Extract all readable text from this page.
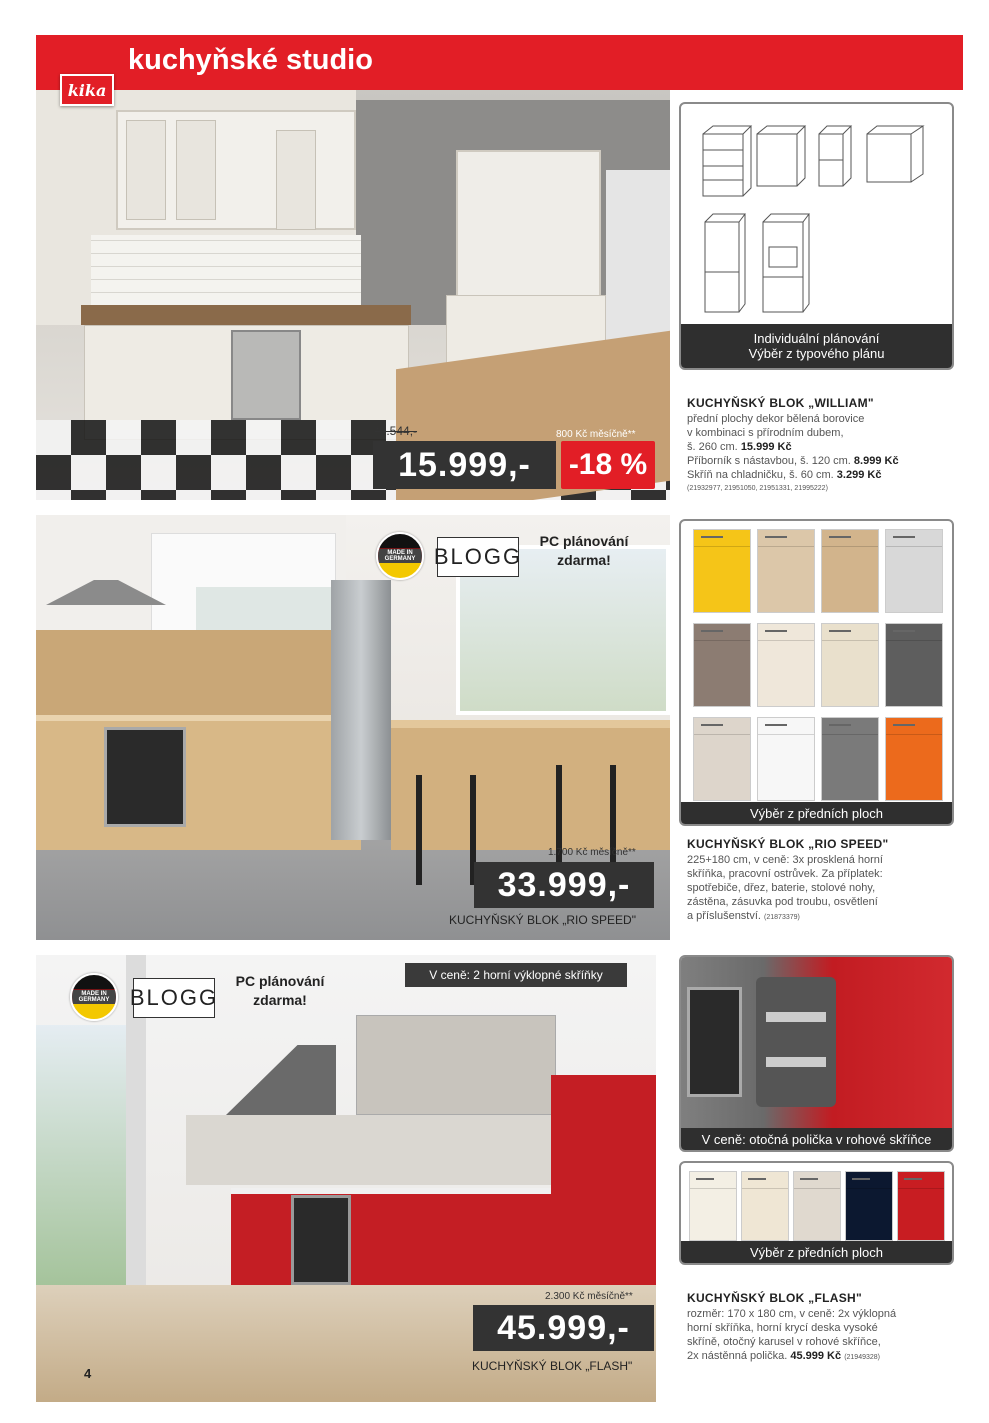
kika
kuchyňské studio
*9.544,-	800 Kč měsíčně**
15.999,-	-18 %
Individuální plánování
Výběr z typového plánu
KUCHYŇSKÝ BLOK „WILLIAM"
přední plochy dekor bělená borovice
v kombinaci s přírodním dubem,
š. 260 cm. 15.999 Kč
Příborník s nástavbou, š. 120 cm. 8.999 Kč
Skříň na chladničku, š. 60 cm. 3.299 Kč
(21932977, 21951050, 21951331, 21995222)
MADE IN GERMANY BLOGG
PC plánování
zdarma!
1.700 Kč měsíčně**
33.999,-
KUCHYŇSKÝ BLOK „RIO SPEED"
Výběr z předních ploch
KUCHYŇSKÝ BLOK „RIO SPEED"
225+180 cm, v ceně: 3x prosklená horní
skříňka, pracovní ostrůvek. Za příplatek:
spotřebiče, dřez, baterie, stolové nohy,
zástěna, zásuvka pod troubu, osvětlení
a příslušenství. (21873379)
V ceně: 2 horní výklopné skříňky
MADE IN GERMANY BLOGG
PC plánování
zdarma!
2.300 Kč měsíčně**
45.999,-
KUCHYŇSKÝ BLOK „FLASH"
4
V ceně: otočná polička v rohové skříňce
Výběr z předních ploch
KUCHYŇSKÝ BLOK „FLASH"
rozměr: 170 x 180 cm, v ceně: 2x výklopná
horní skříňka, horní krycí deska vysoké
skříně, otočný karusel v rohové skříňce,
2x nástěnná polička. 45.999 Kč (21949328)
